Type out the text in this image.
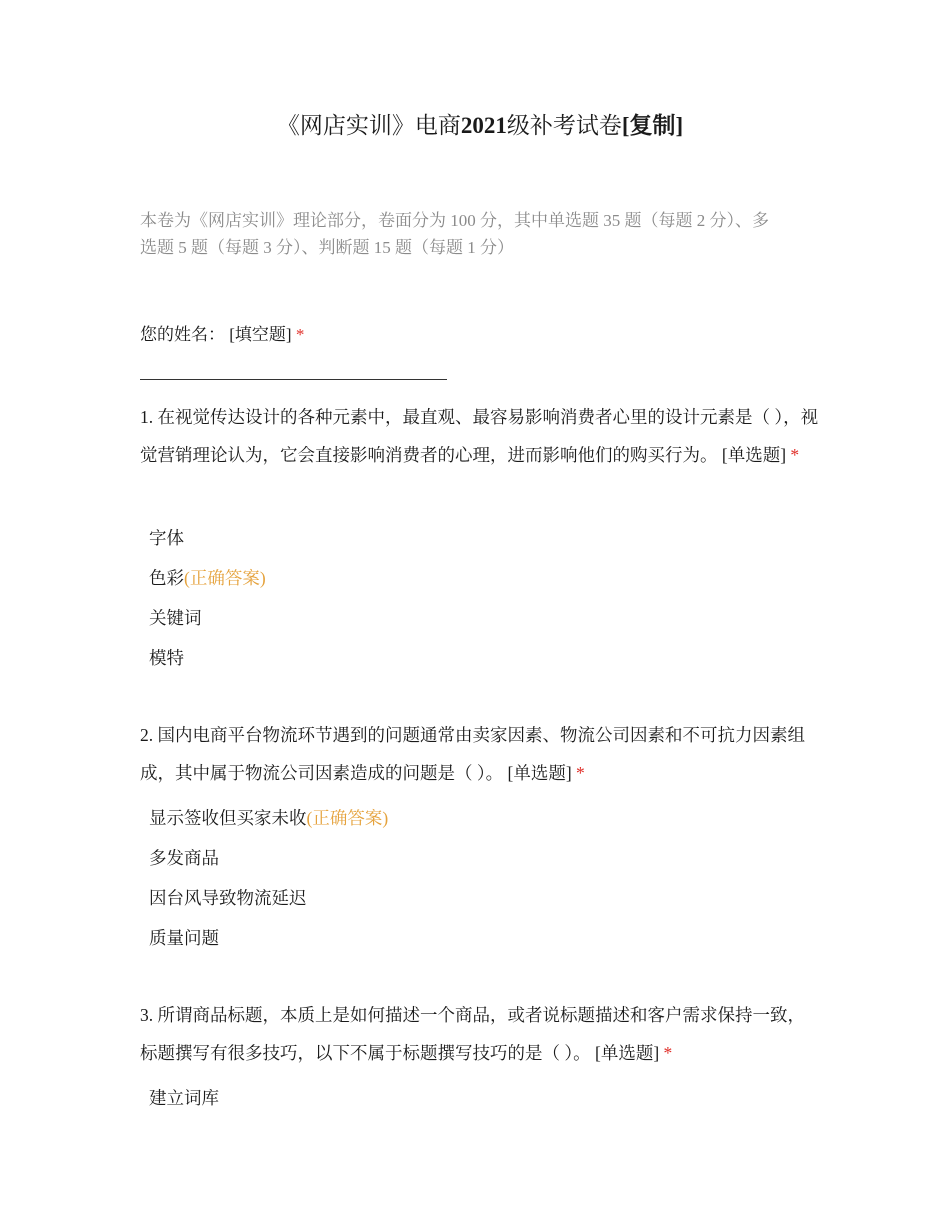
《网店实训》电商2021级补考试卷[复制]
本卷为《网店实训》理论部分，卷面分为 100 分，其中单选题 35 题（每题 2 分）、多选题 5 题（每题 3 分）、判断题 15 题（每题 1 分）
您的姓名： [填空题] *
1. 在视觉传达设计的各种元素中，最直观、最容易影响消费者心里的设计元素是（ ），视觉营销理论认为，它会直接影响消费者的心理，进而影响他们的购买行为。 [单选题] *
字体
色彩(正确答案)
关键词
模特
2. 国内电商平台物流环节遇到的问题通常由卖家因素、物流公司因素和不可抗力因素组成，其中属于物流公司因素造成的问题是（ ）。 [单选题] *
显示签收但买家未收(正确答案)
多发商品
因台风导致物流延迟
质量问题
3. 所谓商品标题，本质上是如何描述一个商品，或者说标题描述和客户需求保持一致，标题撰写有很多技巧，以下不属于标题撰写技巧的是（ ）。 [单选题] *
建立词库
